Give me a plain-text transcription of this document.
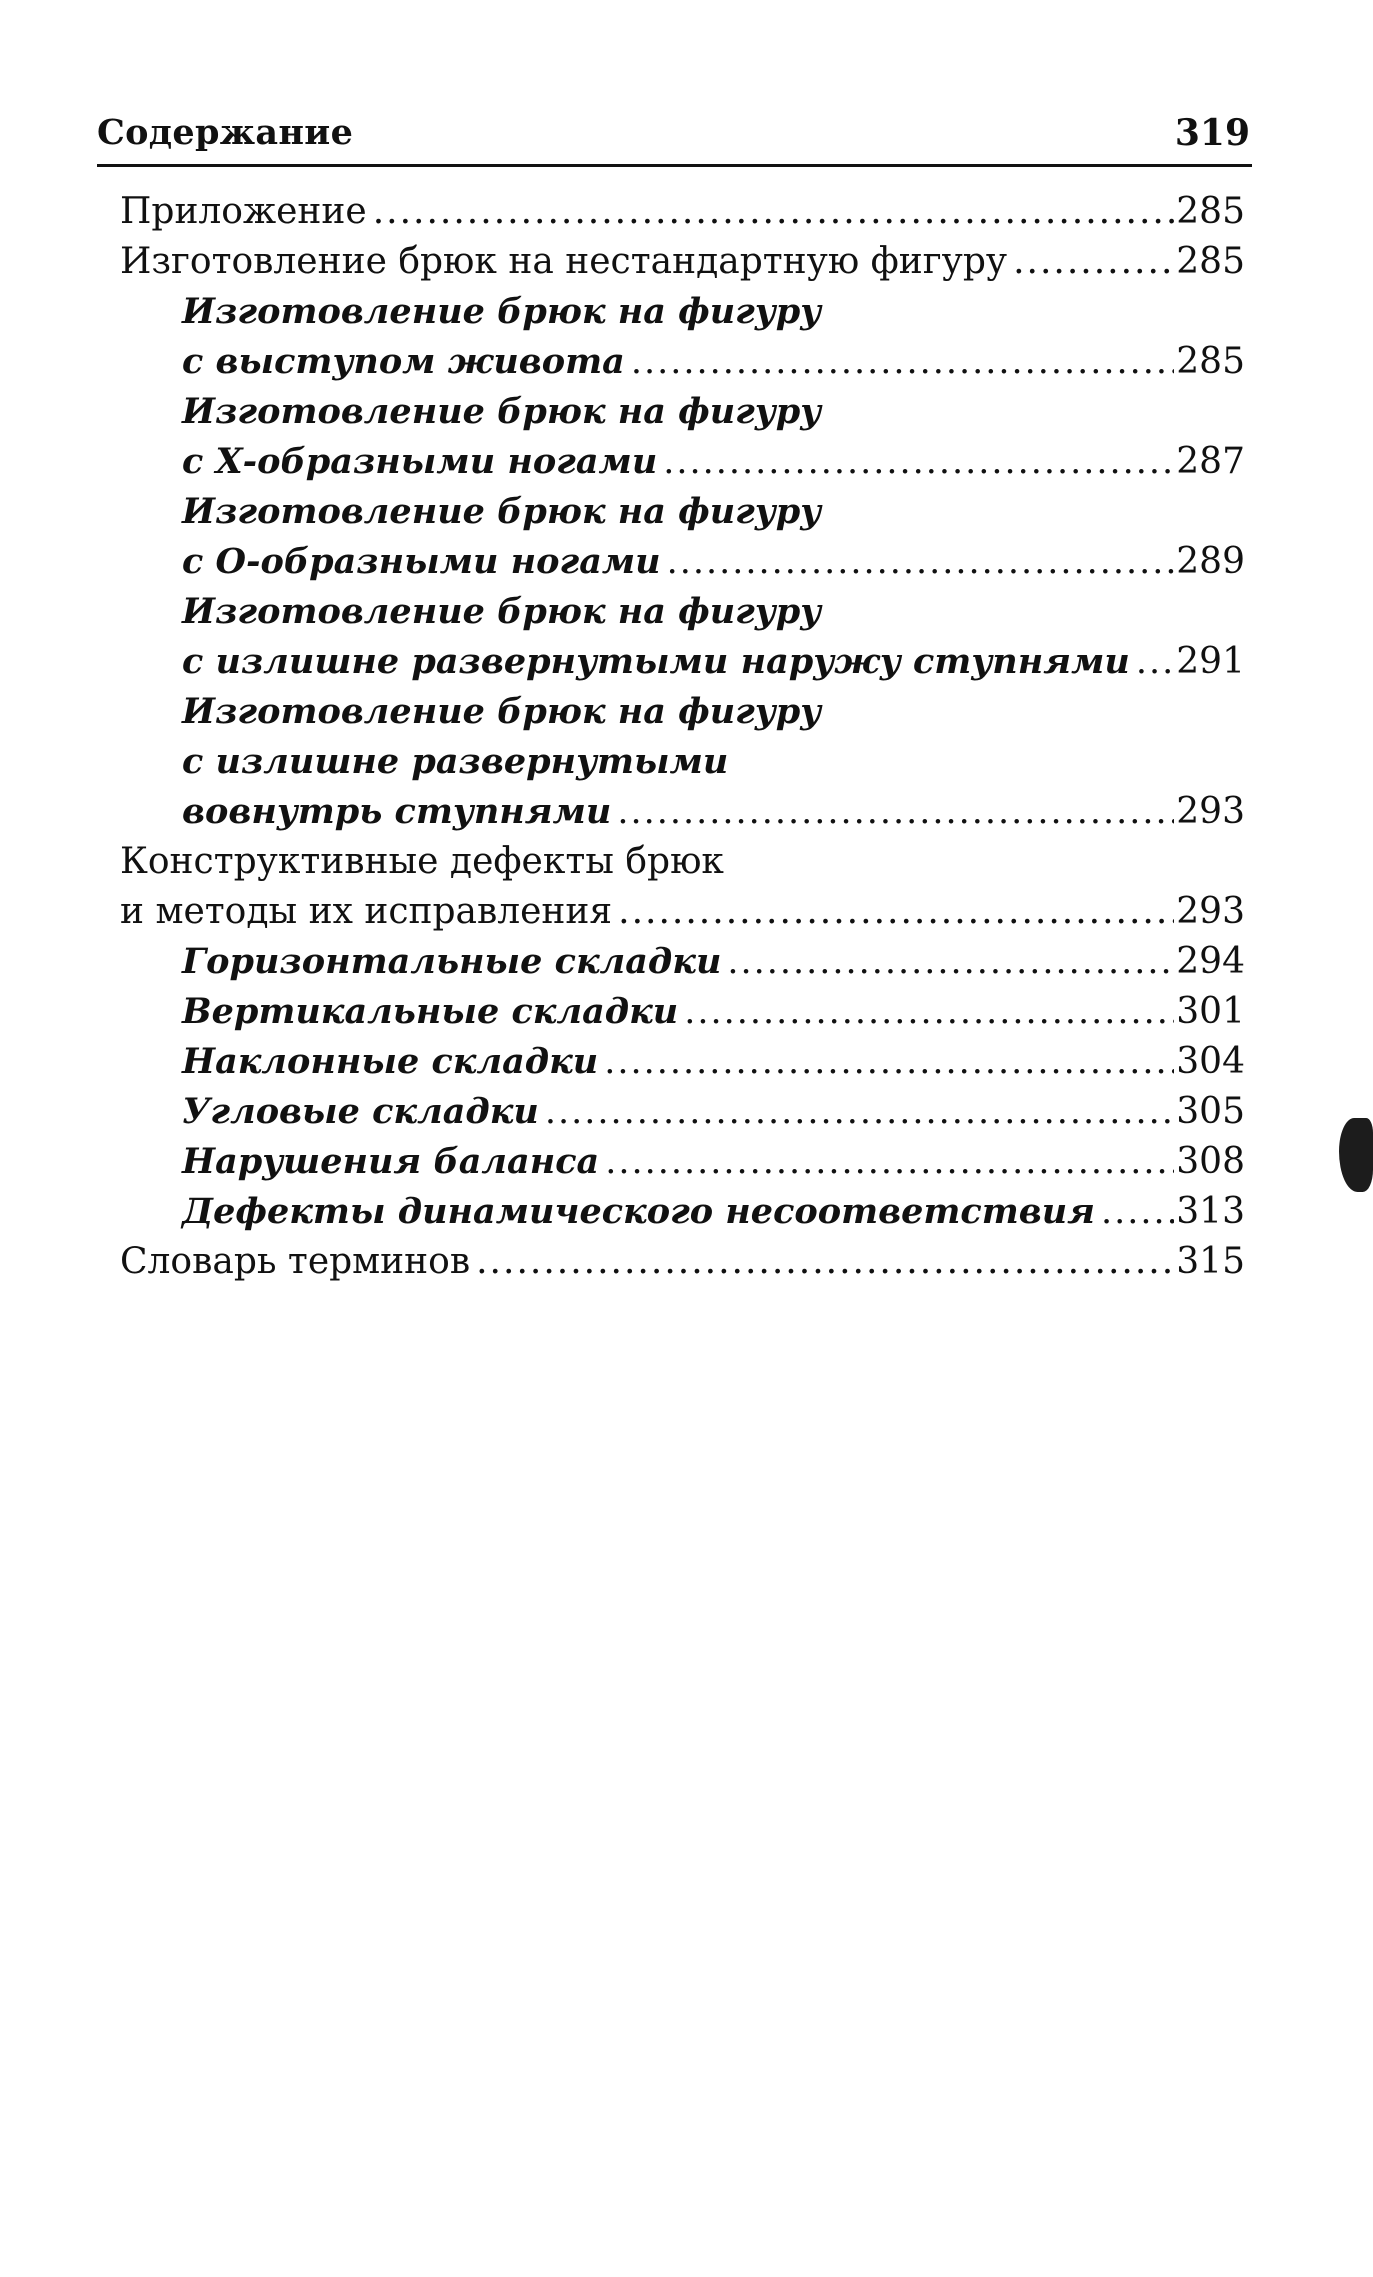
Содержание	319
Приложение .....	285
Изготовление брюк на нестандартную фигуру .....	285
Изготовление брюк на фигуру
с выступом живота .....	285
Изготовление брюк на фигуру
с Х-образными ногами .....	287
Изготовление брюк на фигуру
с О-образными ногами .....	289
Изготовление брюк на фигуру
с излишне развернутыми наружу ступнями ..... 291
Изготовление брюк на фигуру
с излишне развернутыми
вовнутрь ступнями .....	293
Конструктивные дефекты брюк
и методы их исправления .....	293
Горизонтальные складки .....	294
Вертикальные складки .....	301
Наклонные складки .....	304
Угловые складки .....	305
Нарушения баланса .....	308
Дефекты динамического несоответствия ..... 313
Словарь терминов .....	315
